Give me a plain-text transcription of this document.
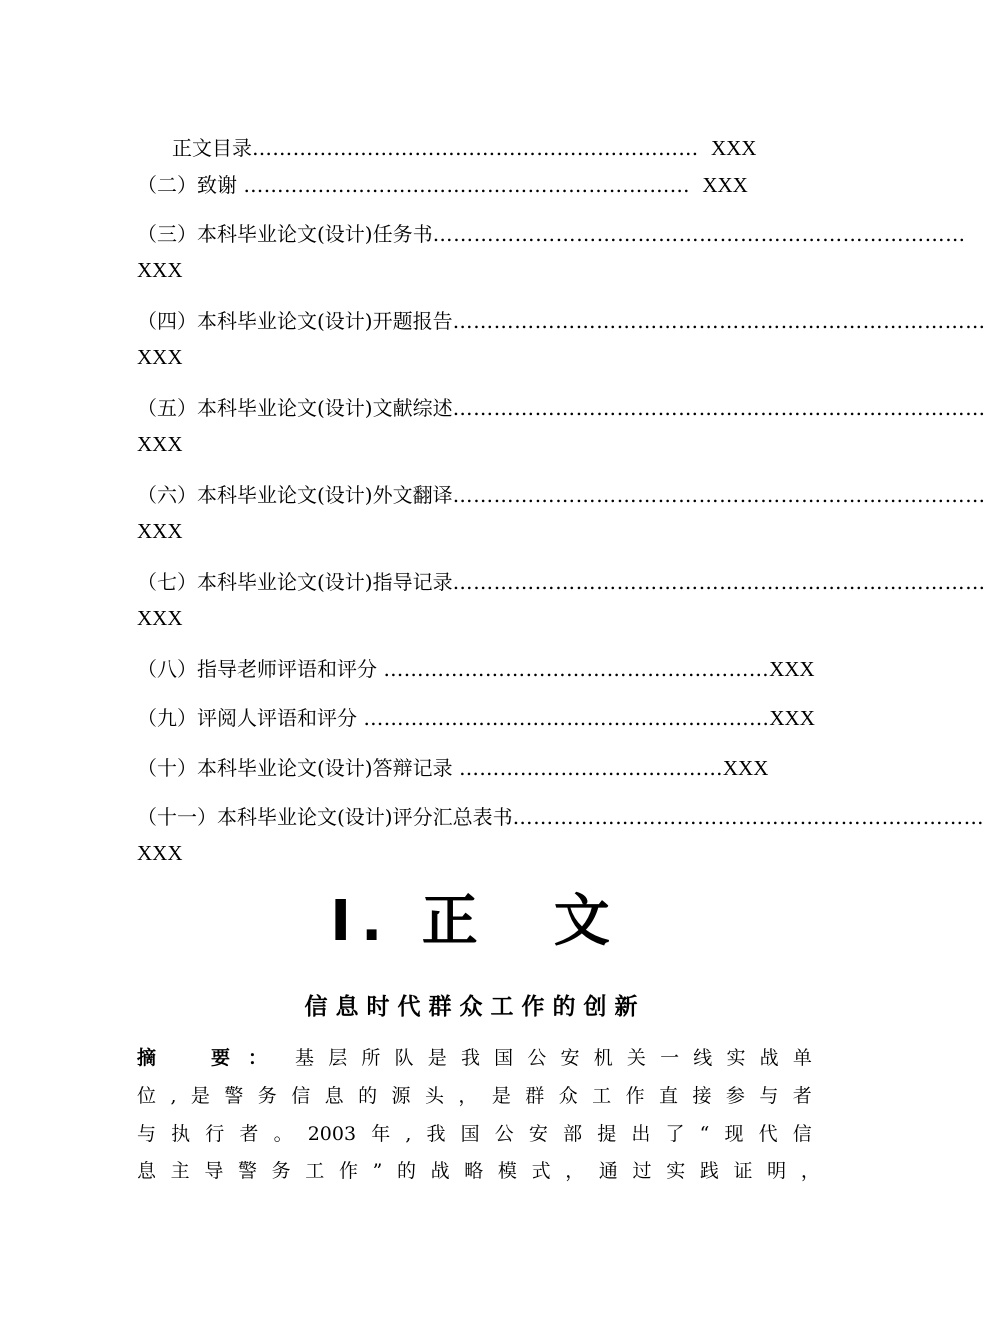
正文目录………………………………………………………… XXX
（二）致谢 ………………………………………………………… XXX
（三）本科毕业论文(设计)任务书 ……………………………………………………………………
XXX
（四）本科毕业论文(设计)开题报告 ……………………………………………………………………
XXX
（五）本科毕业论文(设计)文献综述 ……………………………………………………………………
XXX
（六）本科毕业论文(设计)外文翻译 ……………………………………………………………………
XXX
（七）本科毕业论文(设计)指导记录 ……………………………………………………………………
XXX
（八）指导老师评语和评分 …………………………………………………XXX
（九）评阅人评语和评分 ……………………………………………………XXX
（十）本科毕业论文(设计)答辩记录 …………………………………XXX
（十一）本科毕业论文(设计)评分汇总表书 ……………………………………………………………
XXX
I. 正　文
信息时代群众工作的创新
摘　要： 基 层 所 队 是 我 国 公 安 机 关 一 线 实 战 单
位 , 是 警 务 信 息 的 源 头 ， 是 群 众 工 作 直 接 参 与 者
与 执 行 者 。 2003 年 , 我 国 公 安 部 提 出 了 “ 现 代 信
息 主 导 警 务 工 作 ” 的 战 略 模 式 ， 通 过 实 践 证 明 ，
